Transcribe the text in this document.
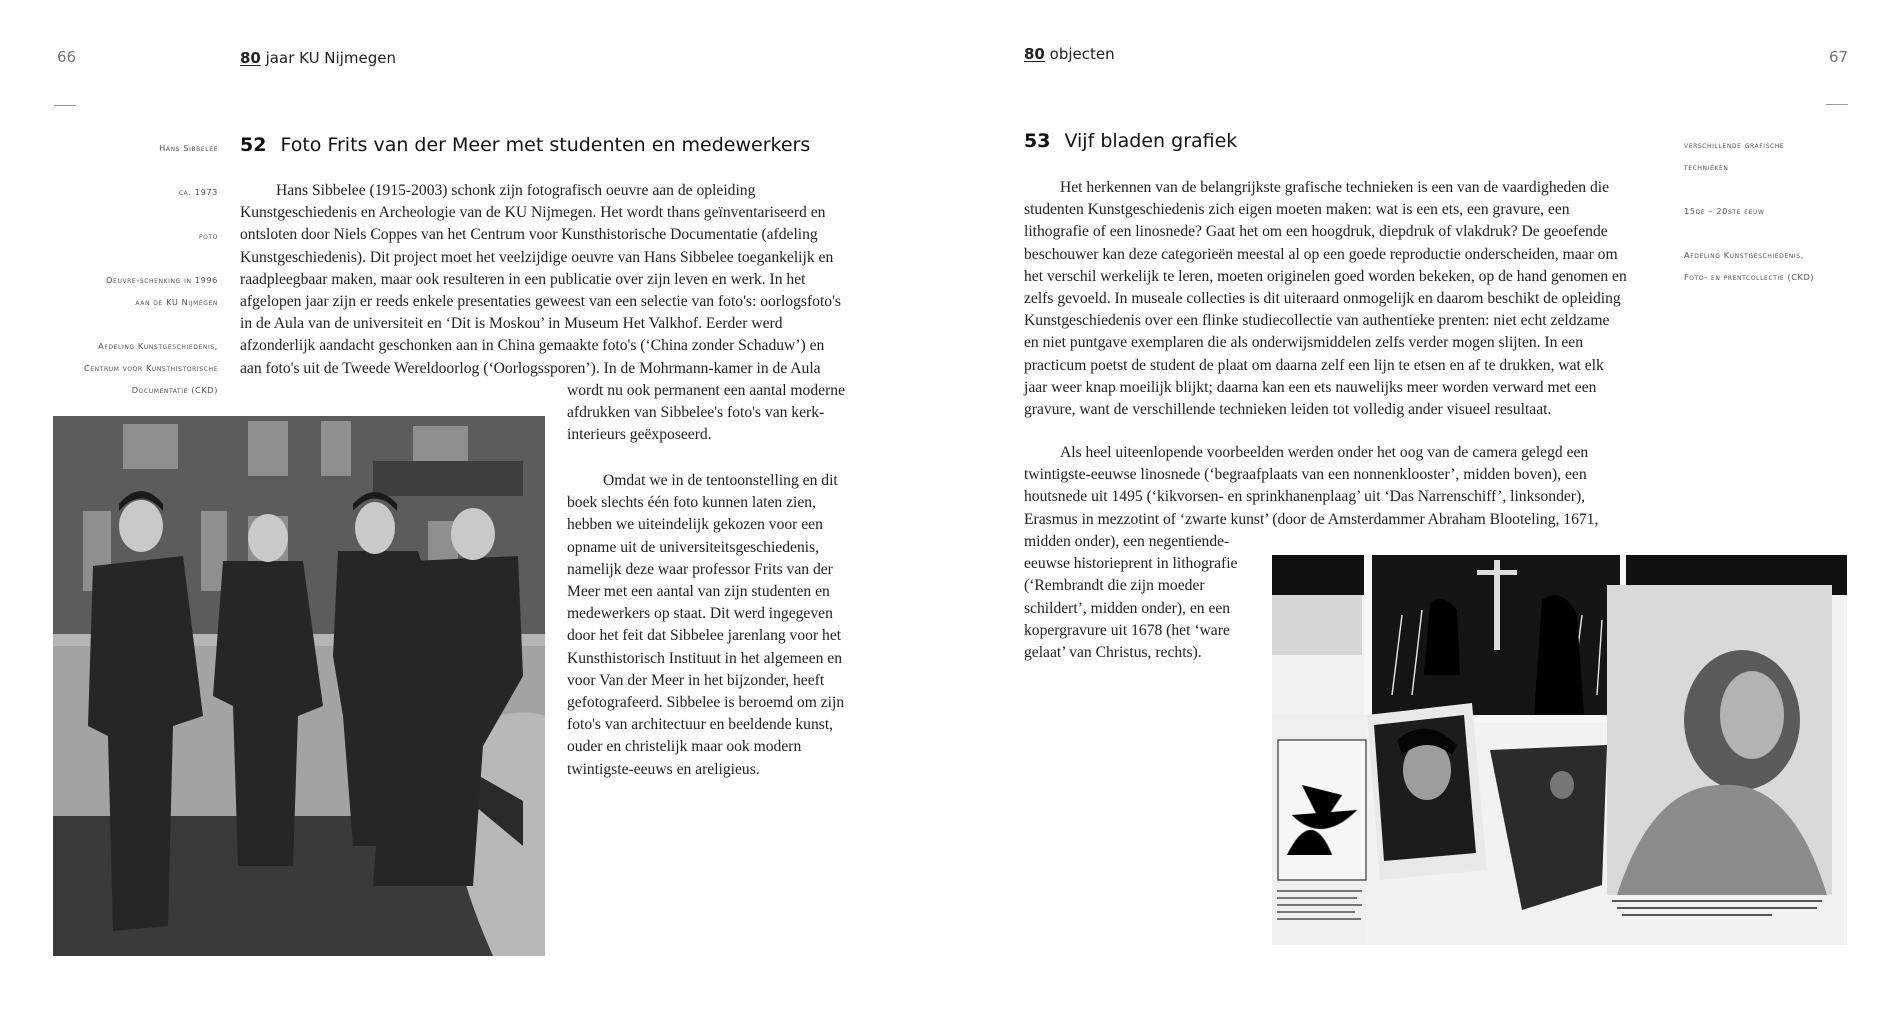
66	80 jaar KU Nijmegen
Hans Sibbelee
ca. 1973
foto
Oeuvre-schenking in 1996
aan de KU Nijmegen
Afdeling Kunstgeschiedenis,
Centrum voor Kunsthistorische
Documentatie (CKD)
52 Foto Frits van der Meer met studenten en medewerkers
Hans Sibbelee (1915-2003) schonk zijn fotografisch oeuvre aan de opleiding
Kunstgeschiedenis en Archeologie van de KU Nijmegen. Het wordt thans geïnventariseerd en
ontsloten door Niels Coppes van het Centrum voor Kunsthistorische Documentatie (afdeling
Kunstgeschiedenis). Dit project moet het veelzijdige oeuvre van Hans Sibbelee toegankelijk en
raadpleegbaar maken, maar ook resulteren in een publicatie over zijn leven en werk. In het
afgelopen jaar zijn er reeds enkele presentaties geweest van een selectie van foto's: oorlogsfoto's
in de Aula van de universiteit en ‘Dit is Moskou’ in Museum Het Valkhof. Eerder werd
afzonderlijk aandacht geschonken aan in China gemaakte foto's (‘China zonder Schaduw’) en
aan foto's uit de Tweede Wereldoorlog (‘Oorlogssporen’). In de Mohrmann-kamer in de Aula
wordt nu ook permanent een aantal moderne
afdrukken van Sibbelee's foto's van kerk-
interieurs geëxposeerd.
Omdat we in de tentoonstelling en dit
boek slechts één foto kunnen laten zien,
hebben we uiteindelijk gekozen voor een
opname uit de universiteitsgeschiedenis,
namelijk deze waar professor Frits van der
Meer met een aantal van zijn studenten en
medewerkers op staat. Dit werd ingegeven
door het feit dat Sibbelee jarenlang voor het
Kunsthistorisch Instituut in het algemeen en
voor Van der Meer in het bijzonder, heeft
gefotografeerd. Sibbelee is beroemd om zijn
foto's van architectuur en beeldende kunst,
ouder en christelijk maar ook modern
twintigste-eeuws en areligieus.
80 objecten	67
53 Vijf bladen grafiek	verschillende grafische
technieken
15de – 20ste eeuw
Afdeling Kunstgeschiedenis,
Foto- en prentcollectie (CKD)
Het herkennen van de belangrijkste grafische technieken is een van de vaardigheden die
studenten Kunstgeschiedenis zich eigen moeten maken: wat is een ets, een gravure, een
lithografie of een linosnede? Gaat het om een hoogdruk, diepdruk of vlakdruk? De geoefende
beschouwer kan deze categorieën meestal al op een goede reproductie onderscheiden, maar om
het verschil werkelijk te leren, moeten originelen goed worden bekeken, op de hand genomen en
zelfs gevoeld. In museale collecties is dit uiteraard onmogelijk en daarom beschikt de opleiding
Kunstgeschiedenis over een flinke studiecollectie van authentieke prenten: niet echt zeldzame
en niet puntgave exemplaren die als onderwijsmiddelen zelfs verder mogen slijten. In een
practicum poetst de student de plaat om daarna zelf een lijn te etsen en af te drukken, wat elk
jaar weer knap moeilijk blijkt; daarna kan een ets nauwelijks meer worden verward met een
gravure, want de verschillende technieken leiden tot volledig ander visueel resultaat.
Als heel uiteenlopende voorbeelden werden onder het oog van de camera gelegd een
twintigste-eeuwse linosnede (‘begraafplaats van een nonnenklooster’, midden boven), een
houtsnede uit 1495 (‘kikvorsen- en sprinkhanenplaag’ uit ‘Das Narrenschiff’, linksonder),
Erasmus in mezzotint of ‘zwarte kunst’ (door de Amsterdammer Abraham Blooteling, 1671,
midden onder), een negentiende-
eeuwse historieprent in lithografie
(‘Rembrandt die zijn moeder
schildert’, midden onder), en een
kopergravure uit 1678 (het ‘ware
gelaat’ van Christus, rechts).
